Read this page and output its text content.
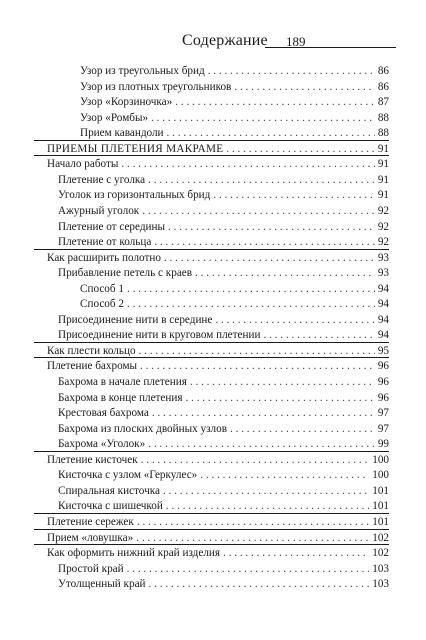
Содержание 189
Узор из треугольных брид . . .	86
Узор из плотных треугольников . . .	86
Узор «Корзиночка» . . .	87
Узор «Ромбы» . . .	88
Прием кавандоли . . .	88
ПРИЕМЫ ПЛЕТЕНИЯ МАКРАМЕ . . .	91
Начало работы . . .	91
Плетение с уголка . . .	91
Уголок из горизонтальных брид . . .	91
Ажурный уголок . . .	92
Плетение от середины . . .	92
Плетение от кольца . . .	92
Как расширить полотно . . .	93
Прибавление петель с краев . . .	93
Способ 1 . . .	94
Способ 2 . . .	94
Присоединение нити в середине . . .	94
Присоединение нити в круговом плетении . . .	94
Как плести кольцо . . .	95
Плетение бахромы . . .	96
Бахрома в начале плетения . . .	96
Бахрома в конце плетения . . .	96
Крестовая бахрома . . .	97
Бахрома из плоских двойных узлов . . .	97
Бахрома «Уголок» . . .	99
Плетение кисточек . . .	100
Кисточка с узлом «Геркулес» . . .	100
Спиральная кисточка . . .	101
Кисточка с шишечкой . . .	101
Плетение сережек . . .	101
Прием «ловушка» . . .	102
Как оформить нижний край изделия . . .	102
Простой край . . .	103
Утолщенный край . . .	103
